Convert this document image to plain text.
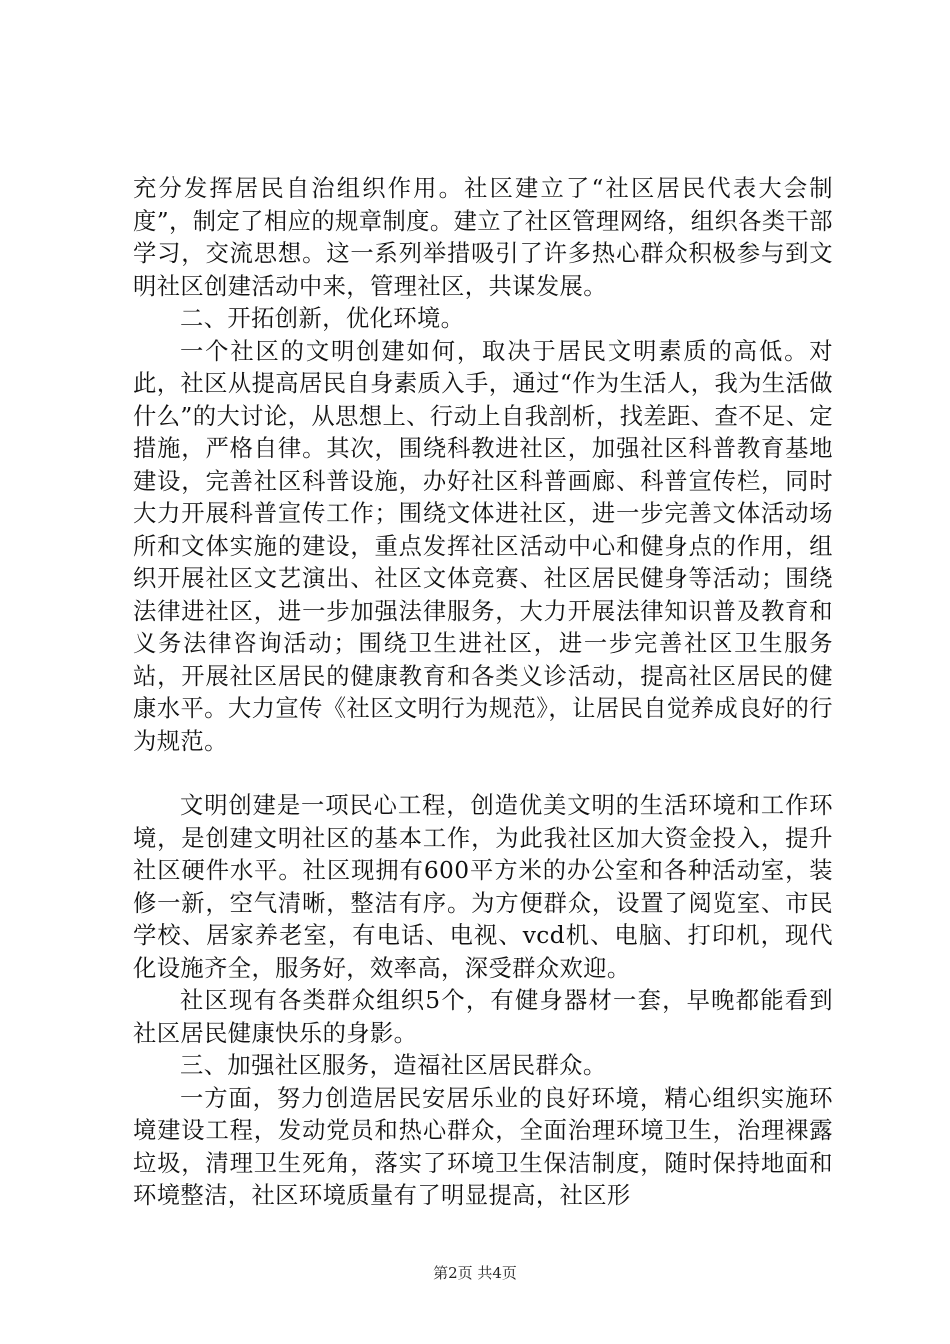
充分发挥居民自治组织作用。社区建立了“社区居民代表大会制度”，制定了相应的规章制度。建立了社区管理网络，组织各类干部学习，交流思想。这一系列举措吸引了许多热心群众积极参与到文明社区创建活动中来，管理社区，共谋发展。

二、开拓创新，优化环境。

一个社区的文明创建如何，取决于居民文明素质的高低。对此，社区从提高居民自身素质入手，通过“作为生活人，我为生活做什么”的大讨论，从思想上、行动上自我剖析，找差距、查不足、定措施，严格自律。其次，围绕科教进社区，加强社区科普教育基地建设，完善社区科普设施，办好社区科普画廊、科普宣传栏，同时大力开展科普宣传工作；围绕文体进社区，进一步完善文体活动场所和文体实施的建设，重点发挥社区活动中心和健身点的作用，组织开展社区文艺演出、社区文体竞赛、社区居民健身等活动；围绕法律进社区，进一步加强法律服务，大力开展法律知识普及教育和义务法律咨询活动；围绕卫生进社区，进一步完善社区卫生服务站，开展社区居民的健康教育和各类义诊活动，提高社区居民的健康水平。大力宣传《社区文明行为规范》，让居民自觉养成良好的行为规范。

文明创建是一项民心工程，创造优美文明的生活环境和工作环境，是创建文明社区的基本工作，为此我社区加大资金投入，提升社区硬件水平。社区现拥有600平方米的办公室和各种活动室，装修一新，空气清晰，整洁有序。为方便群众，设置了阅览室、市民学校、居家养老室，有电话、电视、vcd机、电脑、打印机，现代化设施齐全，服务好，效率高，深受群众欢迎。

社区现有各类群众组织5个，有健身器材一套，早晚都能看到社区居民健康快乐的身影。

三、加强社区服务，造福社区居民群众。

一方面，努力创造居民安居乐业的良好环境，精心组织实施环境建设工程，发动党员和热心群众，全面治理环境卫生，治理裸露垃圾，清理卫生死角，落实了环境卫生保洁制度，随时保持地面和环境整洁，社区环境质量有了明显提高，社区形

第2页 共4页
